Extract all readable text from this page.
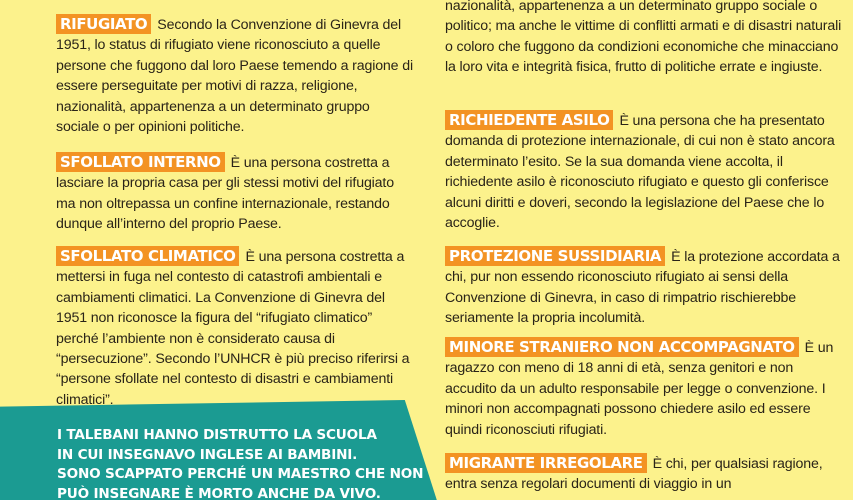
RIFUGIATO Secondo la Convenzione di Ginevra del 1951, lo status di rifugiato viene riconosciuto a quelle persone che fuggono dal loro Paese temendo a ragione di essere perseguitate per motivi di razza, religione, nazionalità, appartenenza a un determinato gruppo sociale o per opinioni politiche.

SFOLLATO INTERNO È una persona costretta a lasciare la propria casa per gli stessi motivi del rifugiato ma non oltrepassa un confine internazionale, restando dunque all’interno del proprio Paese.

SFOLLATO CLIMATICO È una persona costretta a mettersi in fuga nel contesto di catastrofi ambientali e cambiamenti climatici. La Convenzione di Ginevra del 1951 non riconosce la figura del “rifugiato climatico” perché l’ambiente non è considerato causa di “persecuzione”. Secondo l’UNHCR è più preciso riferirsi a “persone sfollate nel contesto di disastri e cambiamenti climatici”.

nazionalità, appartenenza a un determinato gruppo sociale o politico; ma anche le vittime di conflitti armati e di disastri naturali o coloro che fuggono da condizioni economiche che minacciano la loro vita e integrità fisica, frutto di politiche errate e ingiuste.

RICHIEDENTE ASILO È una persona che ha presentato domanda di protezione internazionale, di cui non è stato ancora determinato l’esito. Se la sua domanda viene accolta, il richiedente asilo è riconosciuto rifugiato e questo gli conferisce alcuni diritti e doveri, secondo la legislazione del Paese che lo accoglie.

PROTEZIONE SUSSIDIARIA È la protezione accordata a chi, pur non essendo riconosciuto rifugiato ai sensi della Convenzione di Ginevra, in caso di rimpatrio rischierebbe seriamente la propria incolumità.

MINORE STRANIERO NON ACCOMPAGNATO È un ragazzo con meno di 18 anni di età, senza genitori e non accudito da un adulto responsabile per legge o convenzione. I minori non accompagnati possono chiedere asilo ed essere quindi riconosciuti rifugiati.

MIGRANTE IRREGOLARE È chi, per qualsiasi ragione, entra senza regolari documenti di viaggio in un

I TALEBANI HANNO DISTRUTTO LA SCUOLA
IN CUI INSEGNAVO INGLESE AI BAMBINI.
SONO SCAPPATO PERCHÉ UN MAESTRO CHE NON
PUÒ INSEGNARE È MORTO ANCHE DA VIVO.
